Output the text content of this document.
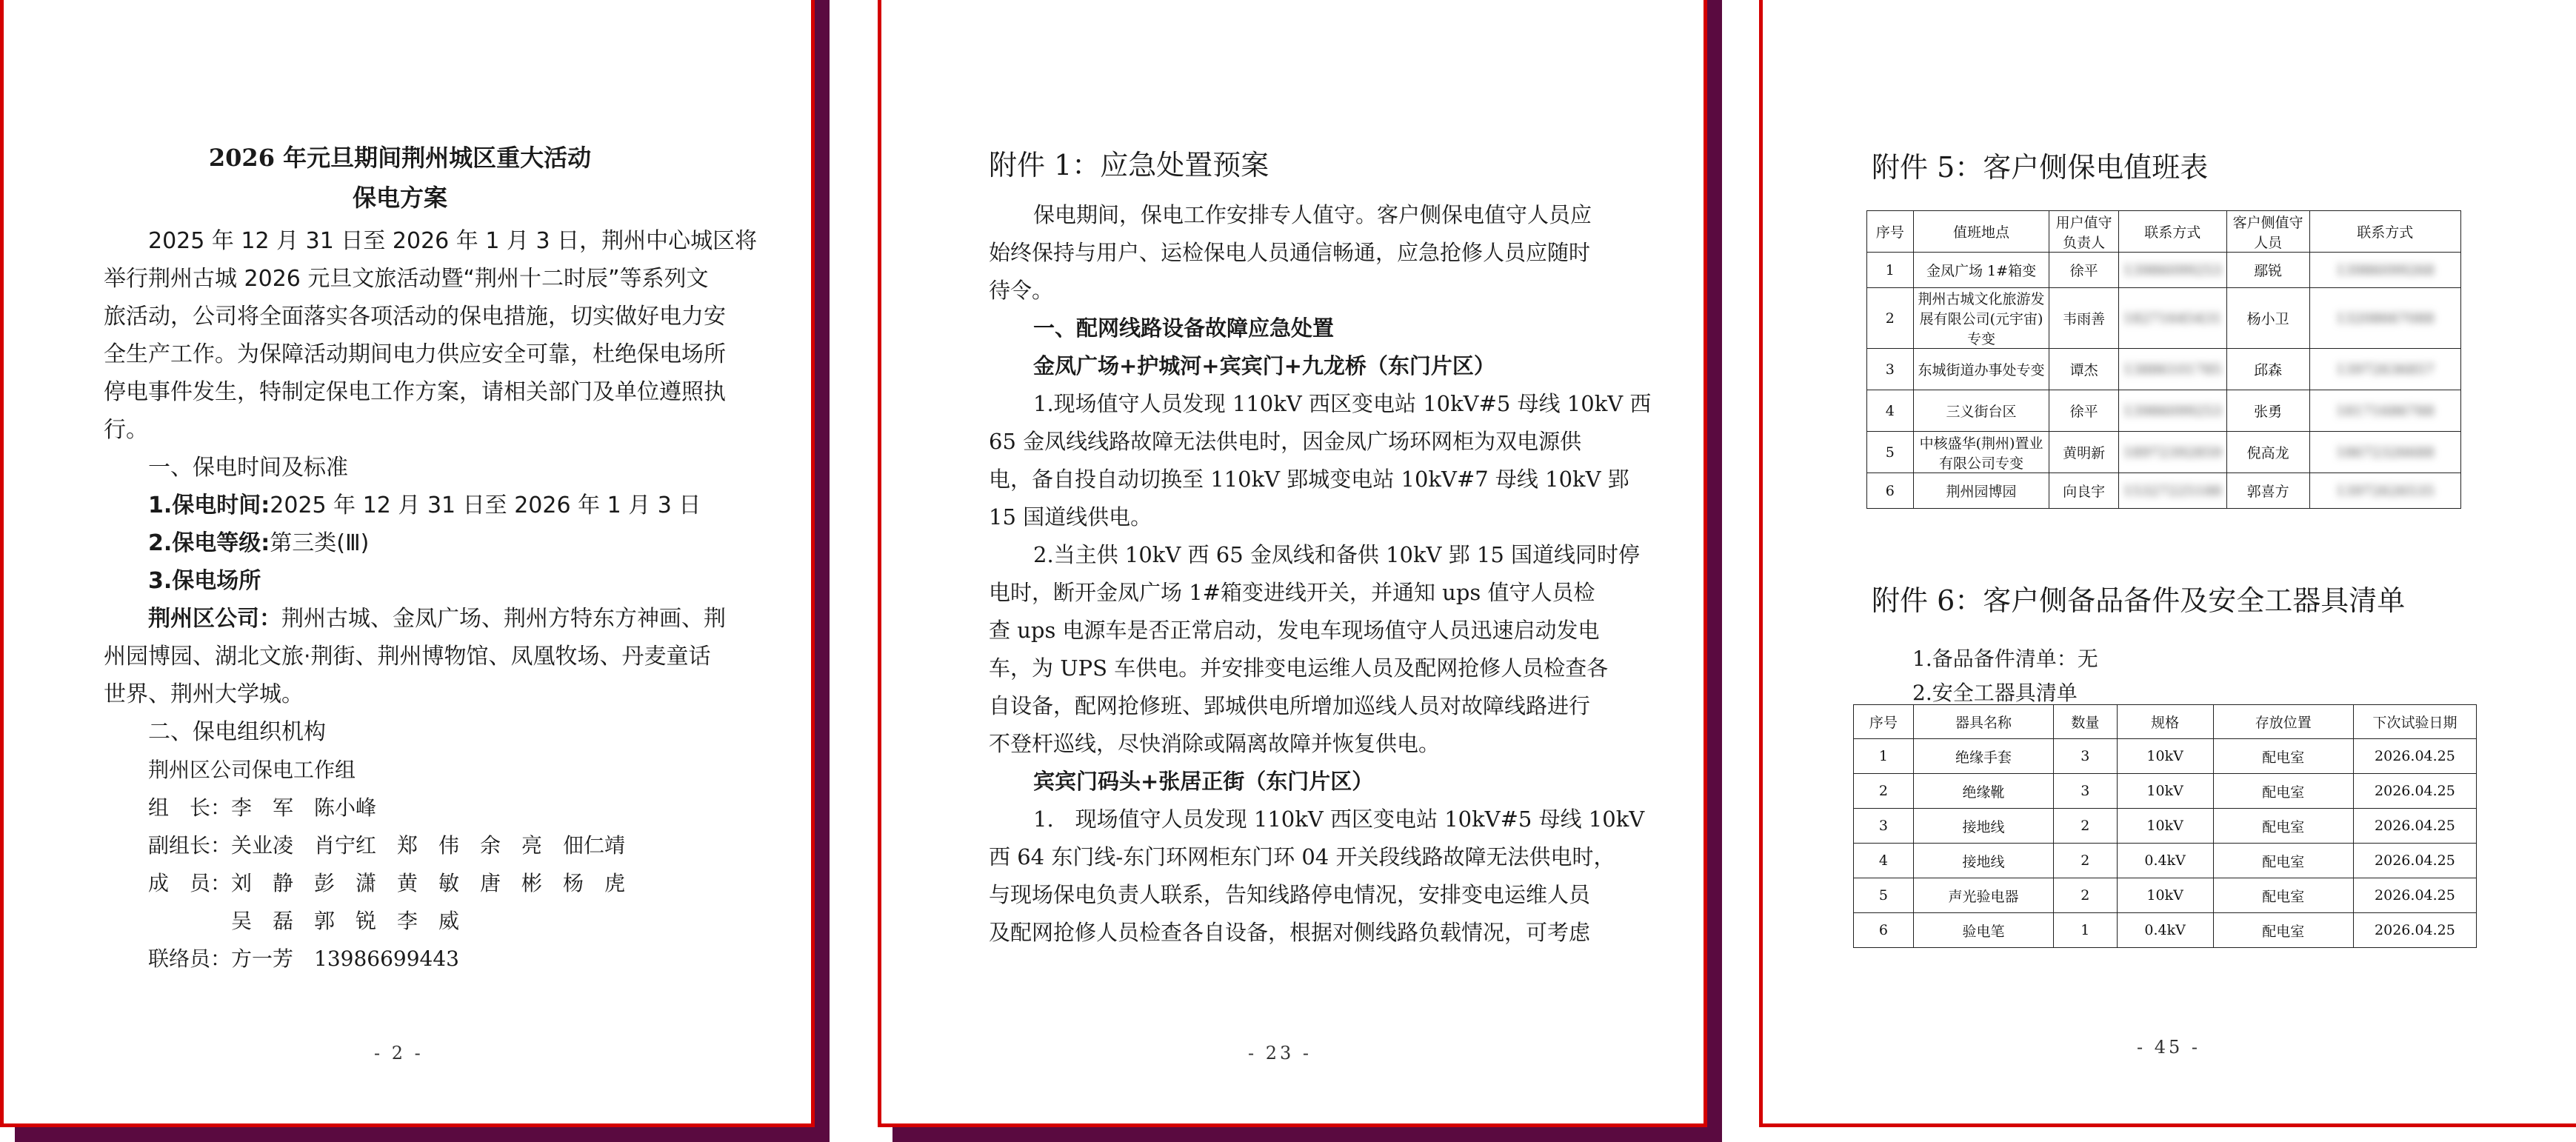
2026 年元旦期间荆州城区重大活动
保电方案
2025 年 12 月 31 日至 2026 年 1 月 3 日，荆州中心城区将
举行荆州古城 2026 元旦文旅活动暨“荆州十二时辰”等系列文
旅活动，公司将全面落实各项活动的保电措施，切实做好电力安
全生产工作。为保障活动期间电力供应安全可靠，杜绝保电场所
停电事件发生，特制定保电工作方案，请相关部门及单位遵照执
行。
一、保电时间及标准
1.保电时间:2025 年 12 月 31 日至 2026 年 1 月 3 日
2.保电等级:第三类(Ⅲ)
3.保电场所
荆州区公司：荆州古城、金凤广场、荆州方特东方神画、荆
州园博园、湖北文旅·荆街、荆州博物馆、凤凰牧场、丹麦童话
世界、荆州大学城。
二、保电组织机构
荆州区公司保电工作组
组　长：李　军　陈小峰
副组长：关业凌　肖宁红　郑　伟　余　亮　佃仁靖
成　员：刘　静　彭　潇　黄　敏　唐　彬　杨　虎
吴　磊　郭　锐　李　威
联络员：方一芳　13986699443
- 2 -
附件 1：应急处置预案
保电期间，保电工作安排专人值守。客户侧保电值守人员应
始终保持与用户、运检保电人员通信畅通，应急抢修人员应随时
待令。
一、配网线路设备故障应急处置
金凤广场+护城河+宾宾门+九龙桥（东门片区）
1.现场值守人员发现 110kV 西区变电站 10kV#5 母线 10kV 西
65 金凤线线路故障无法供电时，因金凤广场环网柜为双电源供
电，备自投自动切换至 110kV 郢城变电站 10kV#7 母线 10kV 郢
15 国道线供电。
2.当主供 10kV 西 65 金凤线和备供 10kV 郢 15 国道线同时停
电时，断开金凤广场 1#箱变进线开关，并通知 ups 值守人员检
查 ups 电源车是否正常启动，发电车现场值守人员迅速启动发电
车，为 UPS 车供电。并安排变电运维人员及配网抢修人员检查各
自设备，配网抢修班、郢城供电所增加巡线人员对故障线路进行
不登杆巡线，尽快消除或隔离故障并恢复供电。
宾宾门码头+张居正街（东门片区）
1.　现场值守人员发现 110kV 西区变电站 10kV#5 母线 10kV
西 64 东门线-东门环网柜东门环 04 开关段线路故障无法供电时，
与现场保电负责人联系，告知线路停电情况，安排变电运维人员
及配网抢修人员检查各自设备，根据对侧线路负载情况，可考虑
- 23 -
附件 5：客户侧保电值班表
序号	值班地点	用户值守负责人	联系方式	客户侧值守人员	联系方式
1	金凤广场 1#箱变	徐平	13986099253	鄢锐	13986099268
2	荆州古城文化旅游发展有限公司(元宇宙)专变	韦雨善	18271645431	杨小卫	13208667088
3	东城街道办事处专变	谭杰	13886101785	邱森	13972636857
4	三义街台区	徐平	13986099253	张勇	18171686788
5	中核盛华(荆州)置业有限公司专变	黄明新	18972392859	倪高龙	18672326688
6	荆州园博园	向良宇	15327225188	郭喜方	13972626535
附件 6：客户侧备品备件及安全工器具清单
1.备品备件清单：无
2.安全工器具清单
序号	器具名称	数量	规格	存放位置	下次试验日期
1	绝缘手套	3	10kV	配电室	2026.04.25
2	绝缘靴	3	10kV	配电室	2026.04.25
3	接地线	2	10kV	配电室	2026.04.25
4	接地线	2	0.4kV	配电室	2026.04.25
5	声光验电器	2	10kV	配电室	2026.04.25
6	验电笔	1	0.4kV	配电室	2026.04.25
- 45 -
